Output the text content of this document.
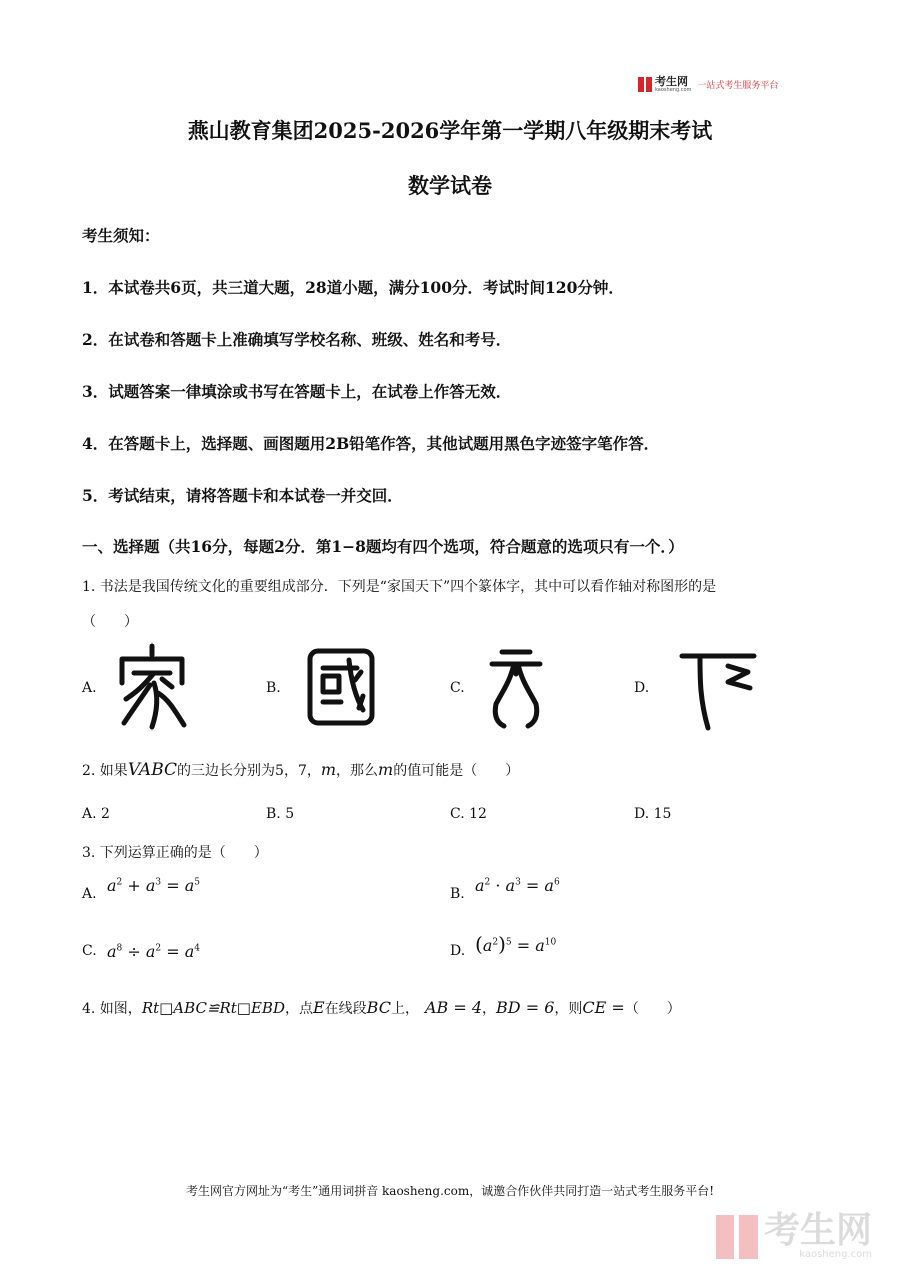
考生网
kaosheng.com 一站式考生服务平台
燕山教育集团2025-2026学年第一学期八年级期末考试
数学试卷
考生须知：
1．本试卷共6页，共三道大题，28道小题，满分100分．考试时间120分钟．
2．在试卷和答题卡上准确填写学校名称、班级、姓名和考号．
3．试题答案一律填涂或书写在答题卡上，在试卷上作答无效．
4．在答题卡上，选择题、画图题用2B铅笔作答，其他试题用黑色字迹签字笔作答．
5．考试结束，请将答题卡和本试卷一并交回．
一、选择题（共16分，每题2分．第1−8题均有四个选项，符合题意的选项只有一个．）
1. 书法是我国传统文化的重要组成部分．下列是“家国天下”四个篆体字，其中可以看作轴对称图形的是
（　　）
A.	B.	C.	D.
2. 如果 VABC 的三边长分别为5，7， m ，那么 m 的值可能是（　　）
A. 2	B. 5	C. 12	D. 15
3. 下列运算正确的是（　　）
A. $a^2 + a^3 = a^5$
B. $a^2 \cdot a^3 = a^6$
C. $a^8 \div a^2 = a^4$	D. $(a^2)^5 = a^{10}$
4. 如图， Rt□ABC≌Rt□EBD ，点 E 在线段 BC 上， AB = 4 ， BD = 6 ，则 CE = （　　）
考生网官方网址为“考生”通用词拼音 kaosheng.com，诚邀合作伙伴共同打造一站式考生服务平台!
考生网
kaosheng.com
